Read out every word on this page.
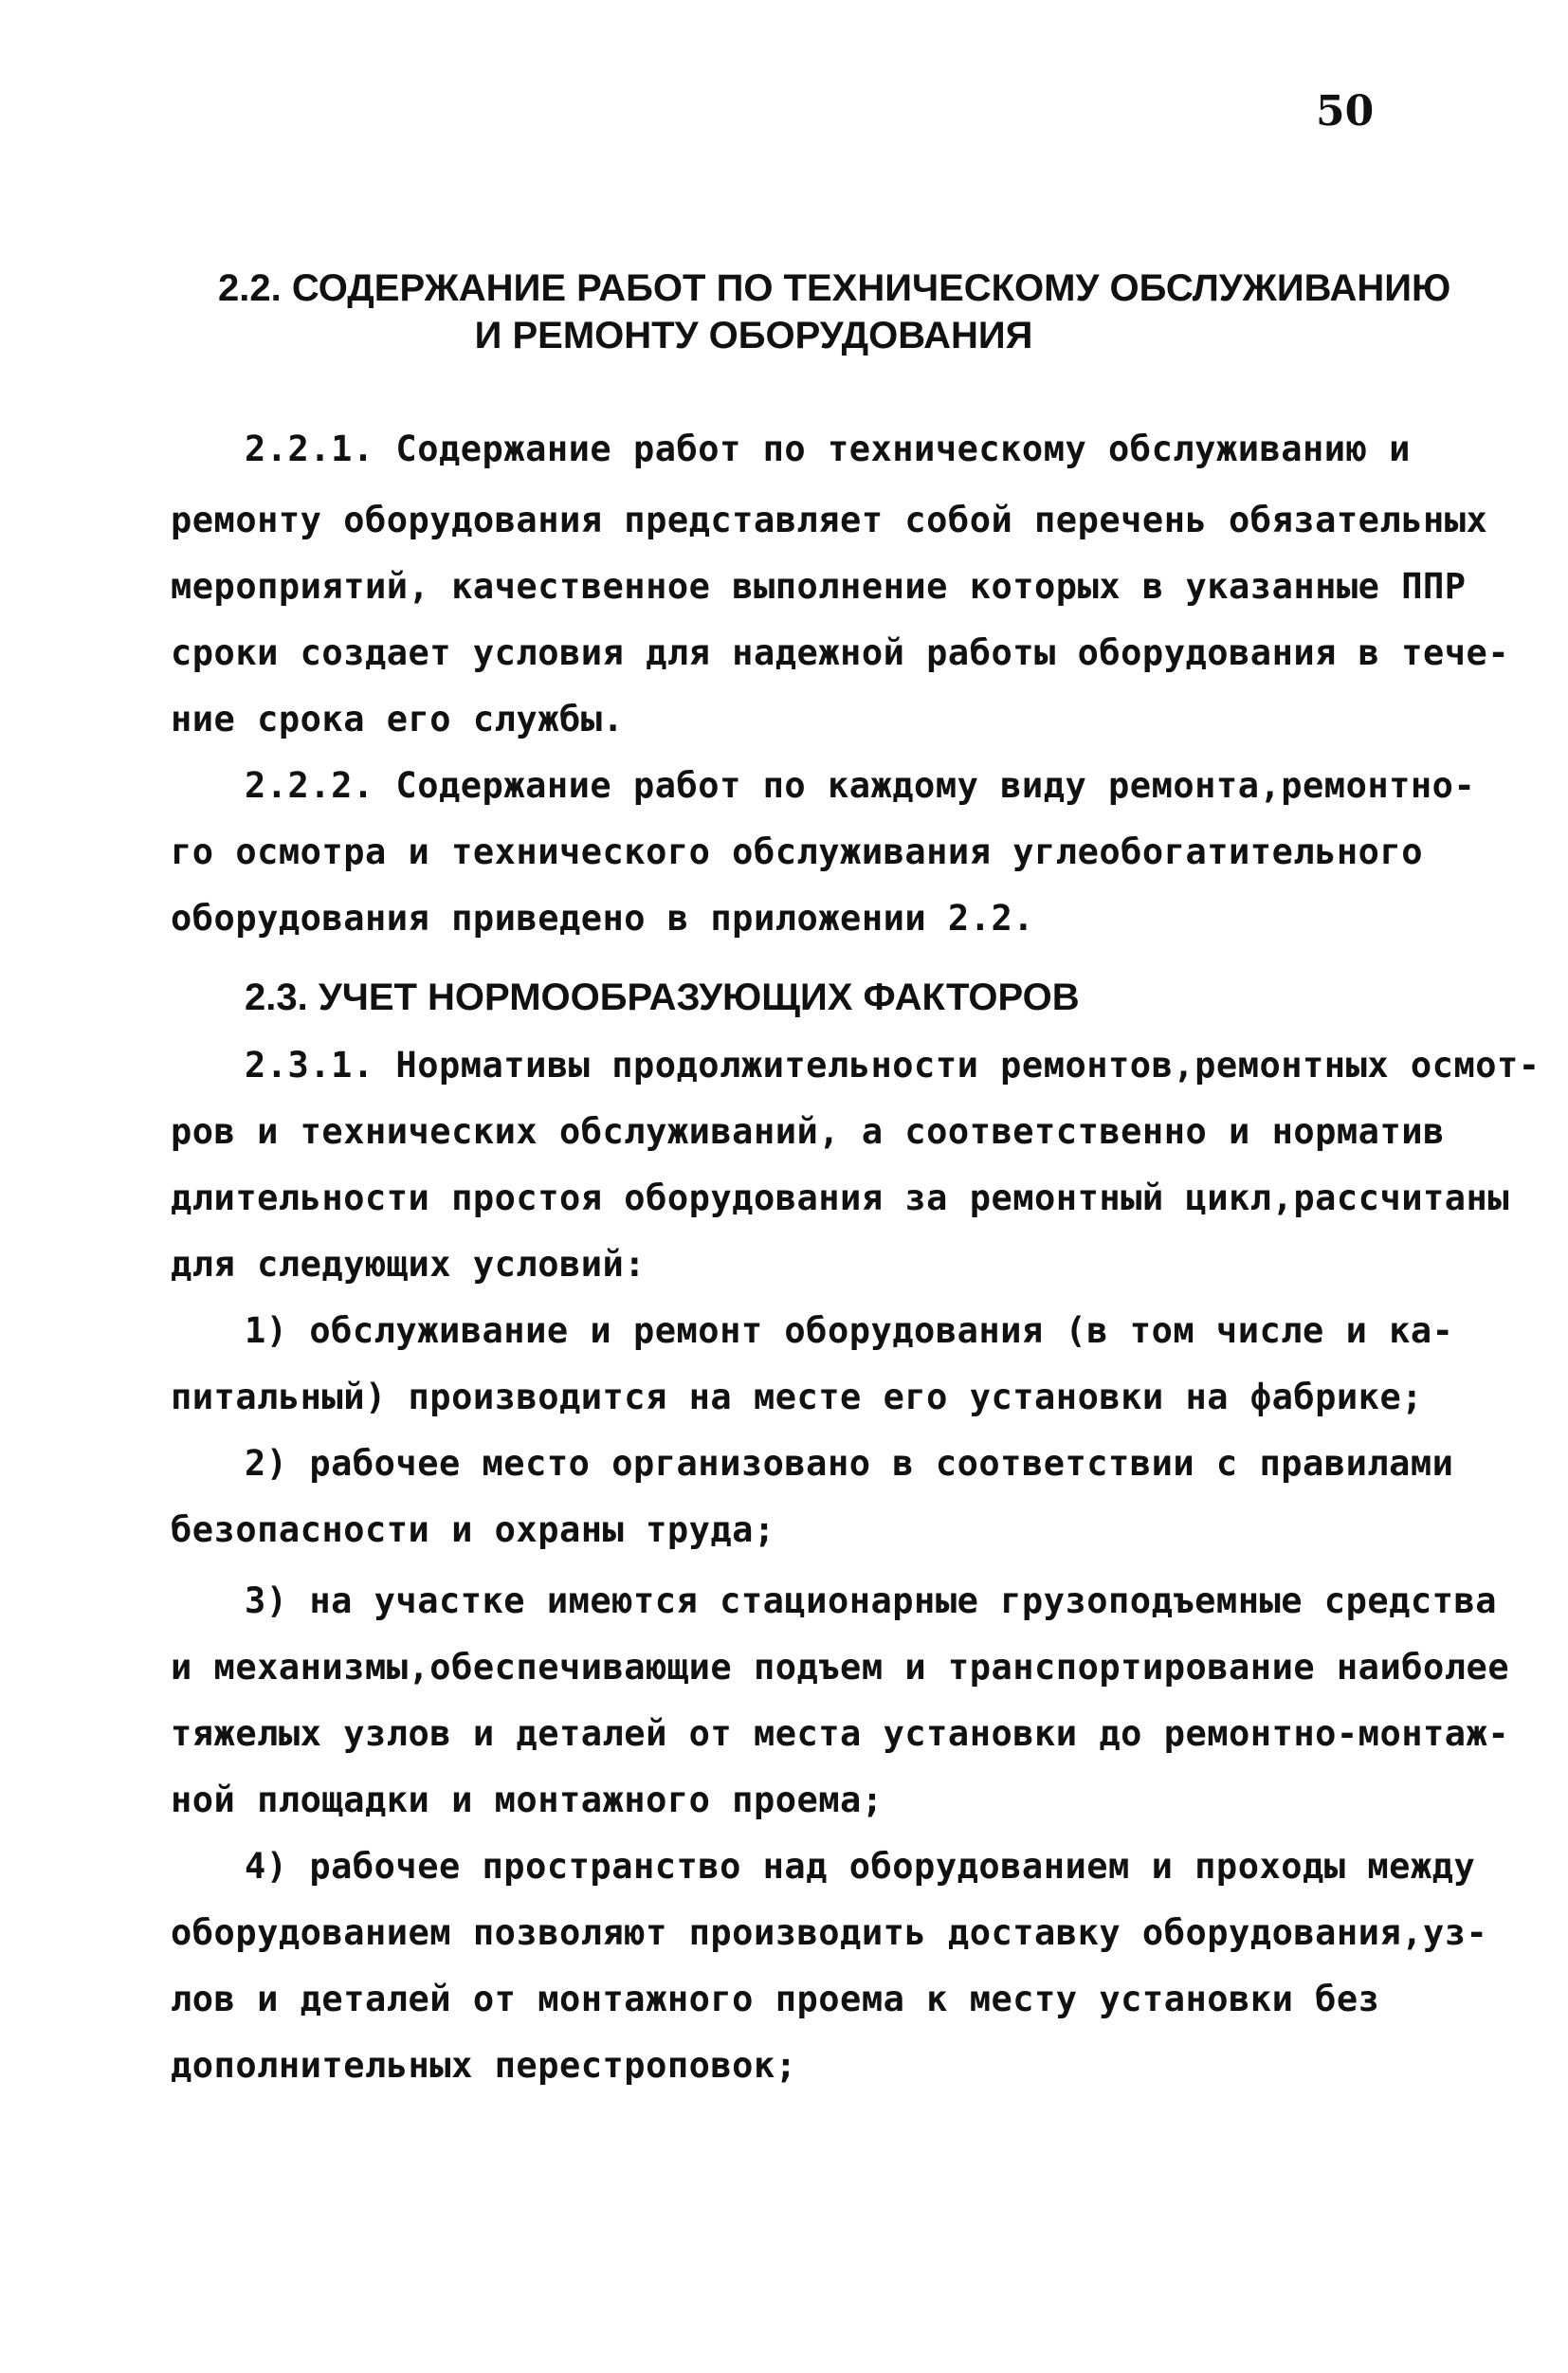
50
2.2. СОДЕРЖАНИЕ РАБОТ ПО ТЕХНИЧЕСКОМУ ОБСЛУЖИВАНИЮ
И РЕМОНТУ ОБОРУДОВАНИЯ
2.2.1. Содержание работ по техническому обслуживанию и
ремонту оборудования представляет собой перечень обязательных
мероприятий, качественное выполнение которых в указанные ППР
сроки создает условия для надежной работы оборудования в тече-
ние срока его службы.
2.2.2. Содержание работ по каждому виду ремонта,ремонтно-
го осмотра и технического обслуживания углеобогатительного
оборудования приведено в приложении 2.2.
2.3. УЧЕТ НОРМООБРАЗУЮЩИХ ФАКТОРОВ
2.3.1. Нормативы продолжительности ремонтов,ремонтных осмот-
ров и технических обслуживаний, а соответственно и норматив
длительности простоя оборудования за ремонтный цикл,рассчитаны
для следующих условий:
1) обслуживание и ремонт оборудования (в том числе и ка-
питальный) производится на месте его установки на фабрике;
2) рабочее место организовано в соответствии с правилами
безопасности и охраны труда;
3) на участке имеются стационарные грузоподъемные средства
и механизмы,обеспечивающие подъем и транспортирование наиболее
тяжелых узлов и деталей от места установки до ремонтно-монтаж-
ной площадки и монтажного проема;
4) рабочее пространство над оборудованием и проходы между
оборудованием позволяют производить доставку оборудования,уз-
лов и деталей от монтажного проема к месту установки без
дополнительных перестроповок;
